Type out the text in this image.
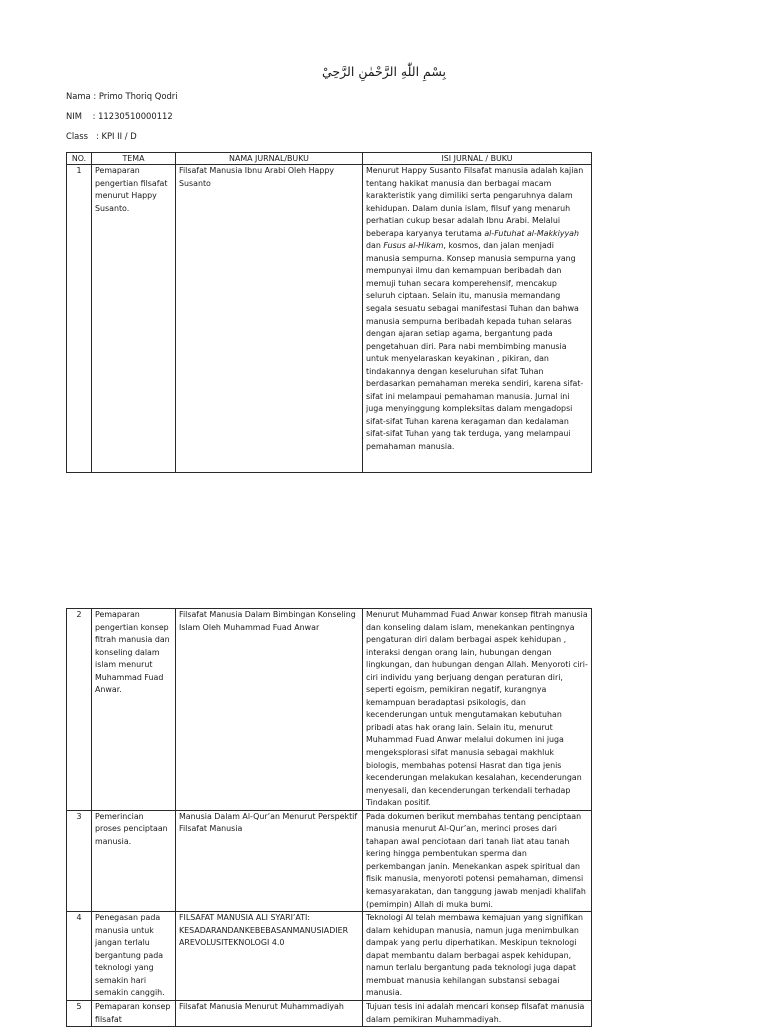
بِسْمِ اللّٰهِ الرَّحْمٰنِ الرَّحِيْ
Nama : Primo Thoriq Qodri
NIM    : 11230510000112
Class   : KPI II / D
NO.	TEMA	NAMA JURNAL/BUKU	ISI JURNAL / BUKU
1	Pemaparan pengertian filsafat menurut Happy Susanto.	Filsafat Manusia Ibnu Arabi Oleh Happy Susanto	Menurut Happy Susanto Filsafat manusia adalah kajian tentang hakikat manusia dan berbagai macam karakteristik yang dimiliki serta pengaruhnya dalam kehidupan. Dalam dunia islam, filsuf yang menaruh perhatian cukup besar adalah Ibnu Arabi. Melalui beberapa karyanya terutama al-Futuhat al-Makkiyyah dan Fusus al-Hikam, kosmos, dan jalan menjadi manusia sempurna. Konsep manusia sempurna yang mempunyai ilmu dan kemampuan beribadah dan memuji tuhan secara komperehensif, mencakup seluruh ciptaan. Selain itu, manusia memandang segala sesuatu sebagai manifestasi Tuhan dan bahwa manusia sempurna beribadah kepada tuhan selaras dengan ajaran setiap agama, bergantung pada pengetahuan diri. Para nabi membimbing manusia untuk menyelaraskan keyakinan , pikiran, dan tindakannya dengan keseluruhan sifat Tuhan berdasarkan pemahaman mereka sendiri, karena sifat-sifat ini melampaui pemahaman manusia. Jurnal ini juga menyinggung kompleksitas dalam mengadopsi sifat-sifat Tuhan karena keragaman dan kedalaman sifat-sifat Tuhan yang tak terduga, yang melampaui pemahaman manusia.
2	Pemaparan pengertian konsep fitrah manusia dan konseling dalam islam menurut Muhammad Fuad Anwar.	Filsafat Manusia Dalam Bimbingan Konseling Islam Oleh Muhammad Fuad Anwar	Menurut Muhammad Fuad Anwar konsep fitrah manusia dan konseling dalam islam, menekankan pentingnya pengaturan diri dalam berbagai aspek kehidupan , interaksi dengan orang lain, hubungan dengan lingkungan, dan hubungan dengan Allah. Menyoroti ciri-ciri individu yang berjuang dengan peraturan diri, seperti egoism, pemikiran negatif, kurangnya kemampuan beradaptasi psikologis, dan kecenderungan untuk mengutamakan kebutuhan pribadi atas hak orang lain. Selain itu, menurut Muhammad Fuad Anwar melalui dokumen ini juga mengeksplorasi sifat manusia sebagai makhluk biologis, membahas potensi Hasrat dan tiga jenis kecenderungan melakukan kesalahan, kecenderungan menyesali, dan kecenderungan terkendali terhadap Tindakan positif.
3	Pemerincian proses penciptaan manusia.	Manusia Dalam Al-Qur’an Menurut Perspektif Filsafat Manusia	Pada dokumen berikut membahas tentang penciptaan manusia menurut Al-Qur’an, merinci proses dari tahapan awal penciotaan dari tanah liat atau tanah kering hingga pembentukan sperma dan perkembangan janin. Menekankan aspek spiritual dan fisik manusia, menyoroti potensi pemahaman, dimensi kemasyarakatan, dan tanggung jawab menjadi khalifah (pemimpin) Allah di muka bumi.
4	Penegasan pada manusia untuk jangan terlalu bergantung pada teknologi yang semakin hari semakin canggih.	FILSAFAT MANUSIA ALI SYARI’ATI: KESADARANDANKEBEBASANMANUSIADIER AREVOLUSITEKNOLOGI 4.0	Teknologi AI telah membawa kemajuan yang signifikan dalam kehidupan manusia, namun juga menimbulkan dampak yang perlu diperhatikan. Meskipun teknologi dapat membantu dalam berbagai aspek kehidupan, namun terlalu bergantung pada teknologi juga dapat membuat manusia kehilangan substansi sebagai manusia.
5	Pemaparan konsep filsafat	Filsafat Manusia Menurut Muhammadiyah	Tujuan tesis ini adalah mencari konsep filsafat manusia dalam pemikiran Muhammadiyah.
